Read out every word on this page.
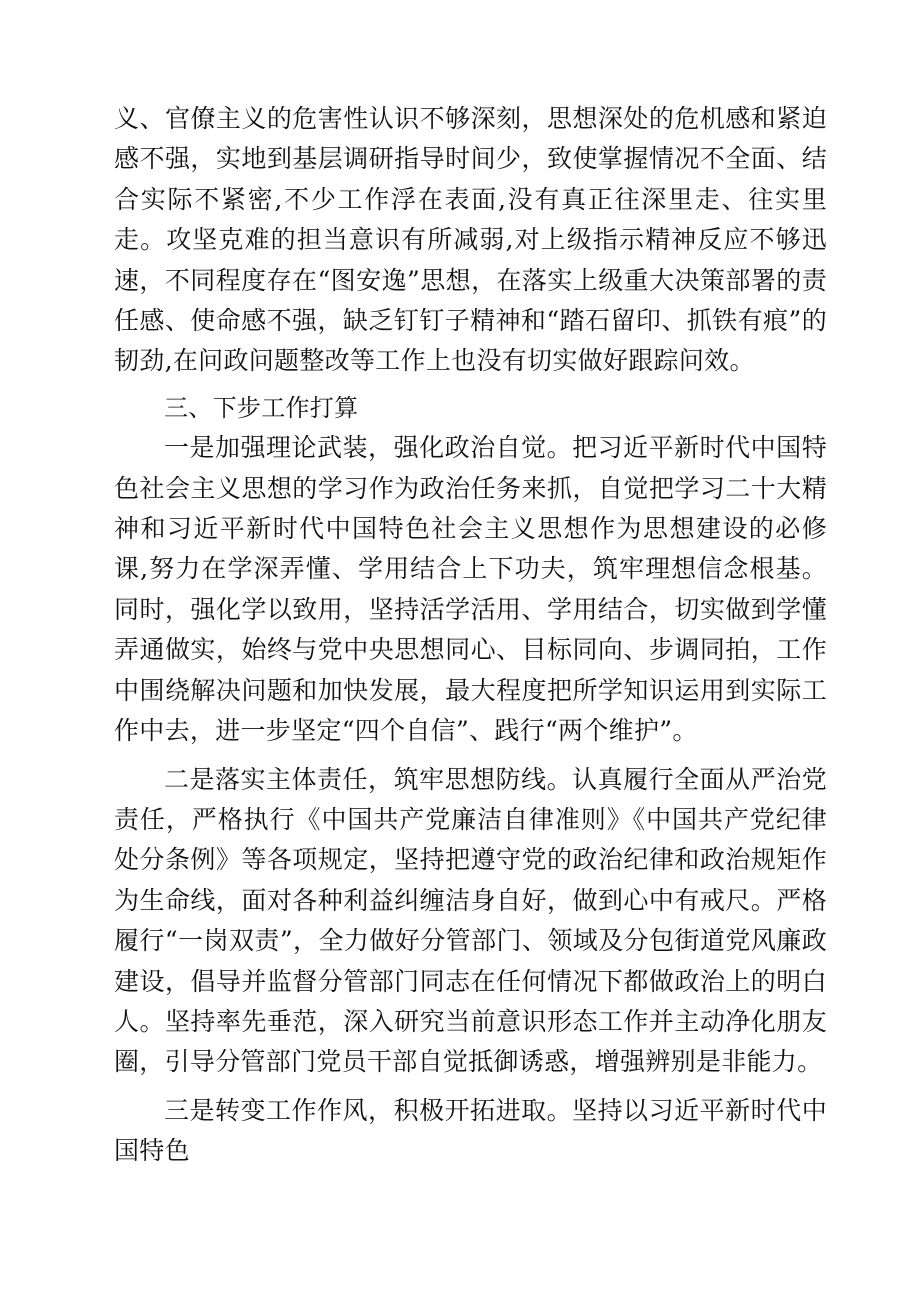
义、官僚主义的危害性认识不够深刻，思想深处的危机感和紧迫感不强，实地到基层调研指导时间少，致使掌握情况不全面、结合实际不紧密,不少工作浮在表面,没有真正往深里走、往实里走。攻坚克难的担当意识有所减弱,对上级指示精神反应不够迅速，不同程度存在“图安逸”思想，在落实上级重大决策部署的责任感、使命感不强，缺乏钉钉子精神和“踏石留印、抓铁有痕”的韧劲,在问政问题整改等工作上也没有切实做好跟踪问效。

三、下步工作打算

一是加强理论武装，强化政治自觉。把习近平新时代中国特色社会主义思想的学习作为政治任务来抓，自觉把学习二十大精神和习近平新时代中国特色社会主义思想作为思想建设的必修课,努力在学深弄懂、学用结合上下功夫，筑牢理想信念根基。同时，强化学以致用，坚持活学活用、学用结合，切实做到学懂弄通做实，始终与党中央思想同心、目标同向、步调同拍，工作中围绕解决问题和加快发展，最大程度把所学知识运用到实际工作中去，进一步坚定“四个自信”、践行“两个维护”。

二是落实主体责任，筑牢思想防线。认真履行全面从严治党责任，严格执行《中国共产党廉洁自律准则》《中国共产党纪律处分条例》等各项规定，坚持把遵守党的政治纪律和政治规矩作为生命线，面对各种利益纠缠洁身自好，做到心中有戒尺。严格履行“一岗双责”，全力做好分管部门、领域及分包街道党风廉政建设，倡导并监督分管部门同志在任何情况下都做政治上的明白人。坚持率先垂范，深入研究当前意识形态工作并主动净化朋友圈，引导分管部门党员干部自觉抵御诱惑，增强辨别是非能力。

三是转变工作作风，积极开拓进取。坚持以习近平新时代中国特色
